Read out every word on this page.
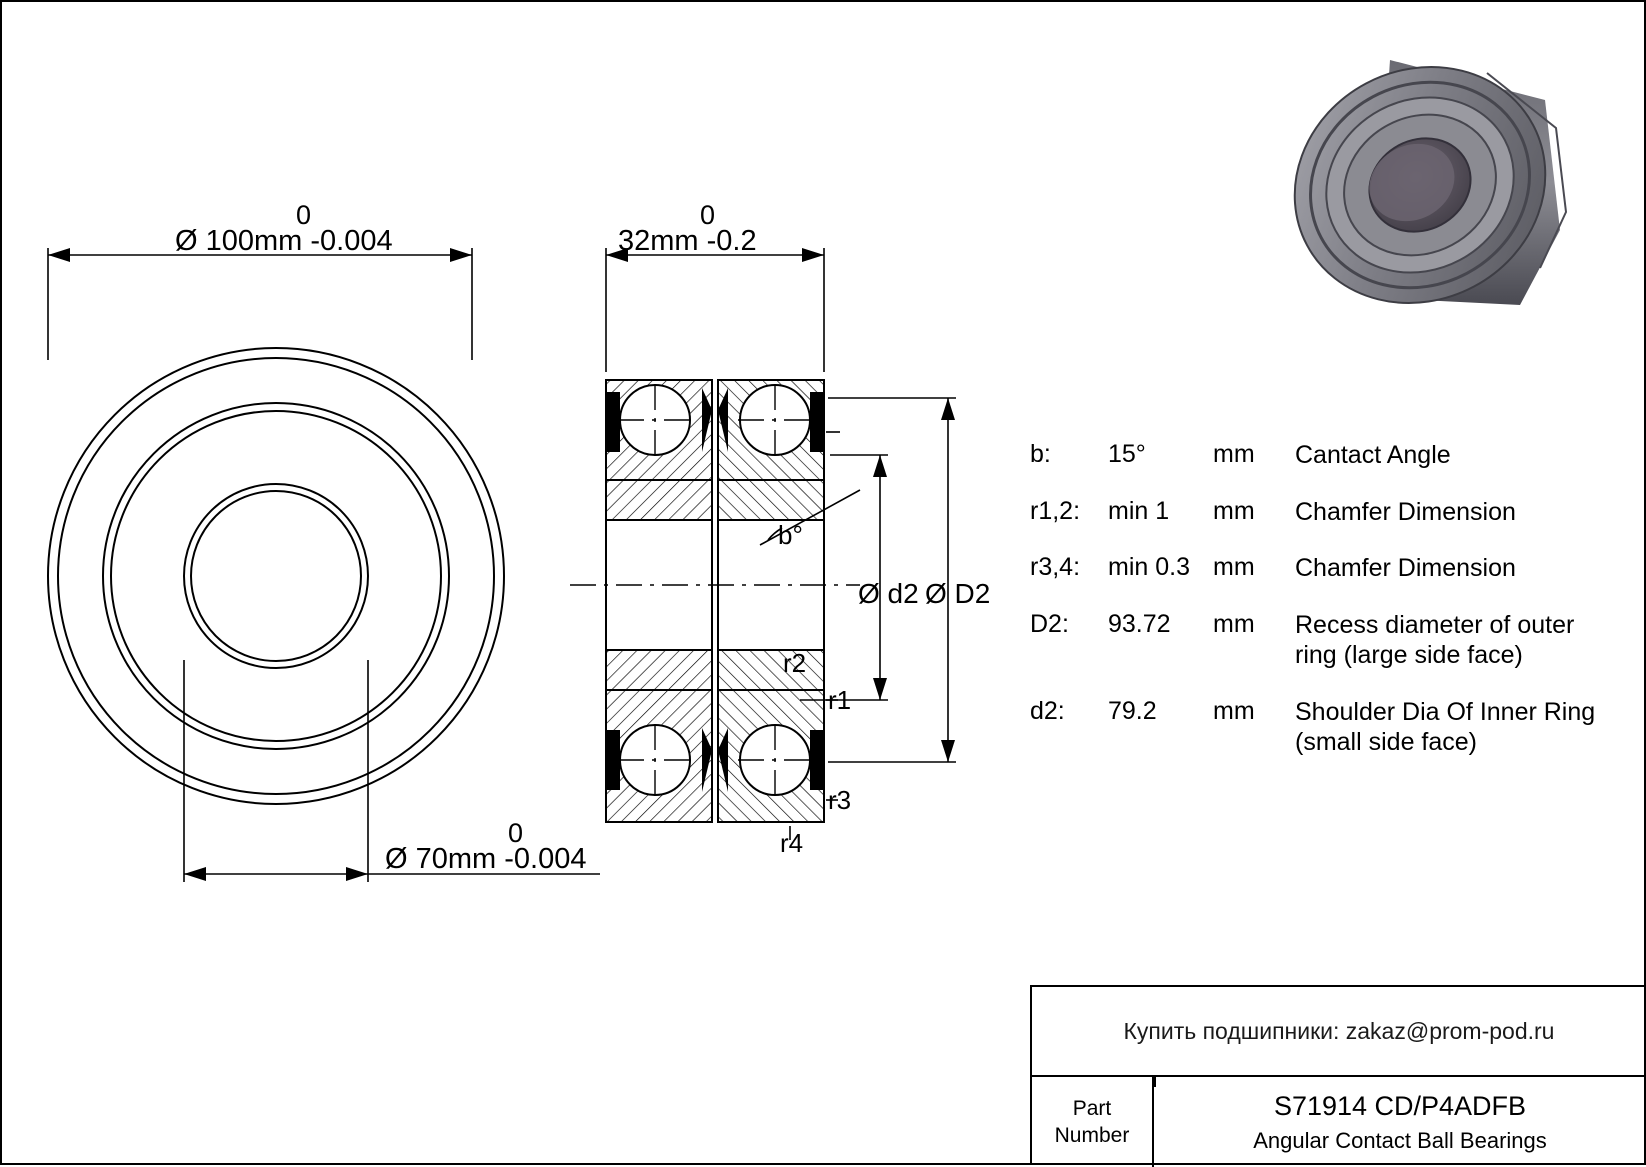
0
Ø 100mm -0.004
0
32mm -0.2
0
Ø 70mm -0.004
b°
r2
r1
r3
r4
Ø d2 Ø D2
b:	15°	mm	Cantact Angle
r1,2:	min 1	mm	Chamfer Dimension
r3,4:	min 0.3 mm	Chamfer Dimension
D2:	93.72	mm	Recess diameter of outer ring (large side face)
d2:	79.2	mm	Shoulder Dia Of Inner Ring (small side face)
Купить подшипники: zakaz@prom-pod.ru
Part
Number
S71914 CD/P4ADFB
Angular Contact Ball Bearings
